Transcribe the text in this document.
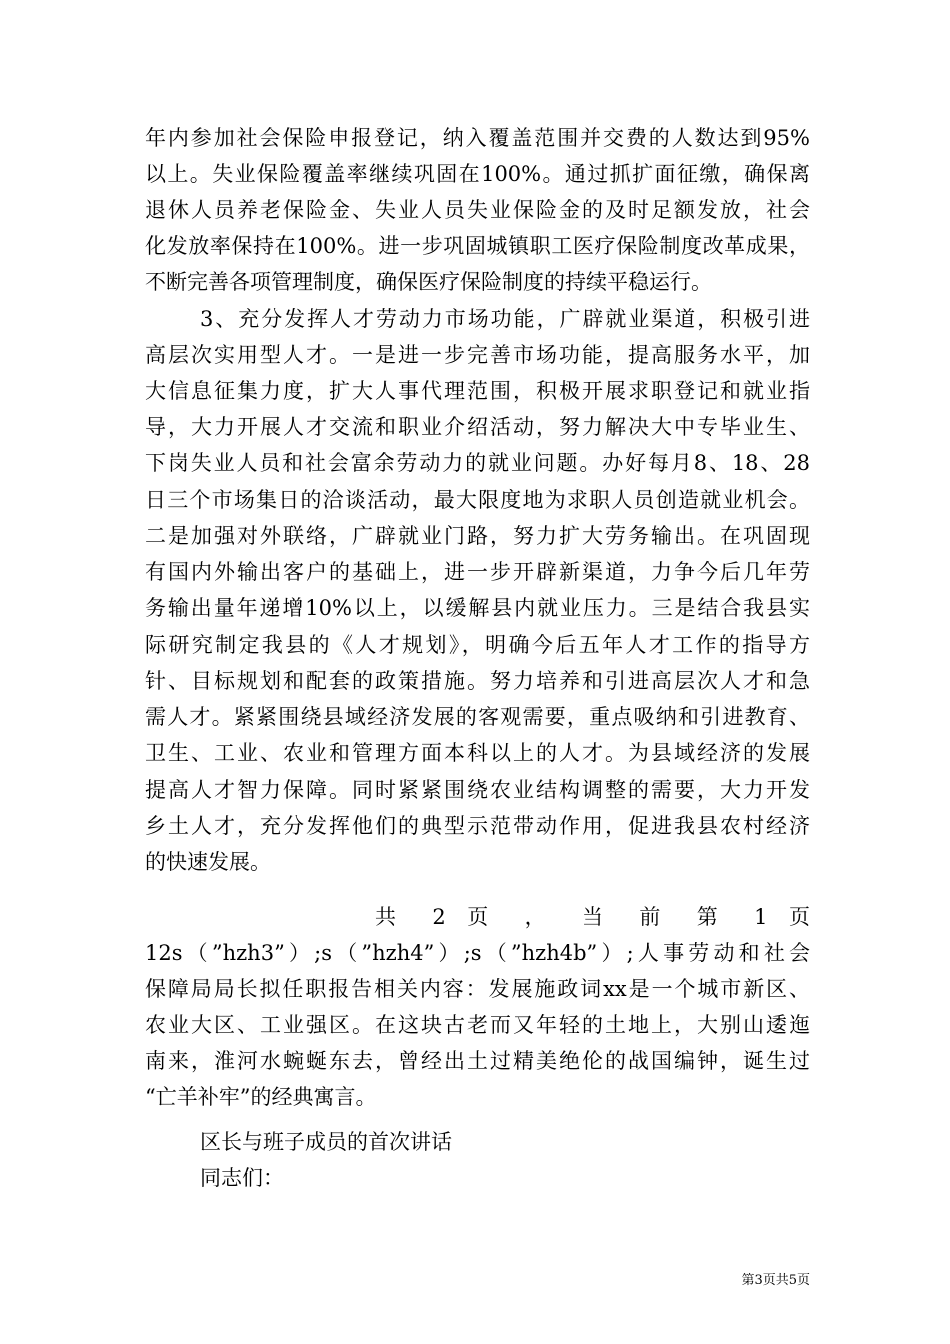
年内参加社会保险申报登记，纳入覆盖范围并交费的人数达到95%
以上。失业保险覆盖率继续巩固在100%。通过抓扩面征缴，确保离
退休人员养老保险金、失业人员失业保险金的及时足额发放，社会
化发放率保持在100%。进一步巩固城镇职工医疗保险制度改革成果，
不断完善各项管理制度，确保医疗保险制度的持续平稳运行。
3、充分发挥人才劳动力市场功能，广辟就业渠道，积极引进
高层次实用型人才。一是进一步完善市场功能，提高服务水平，加
大信息征集力度，扩大人事代理范围，积极开展求职登记和就业指
导，大力开展人才交流和职业介绍活动，努力解决大中专毕业生、
下岗失业人员和社会富余劳动力的就业问题。办好每月8、18、28
日三个市场集日的洽谈活动，最大限度地为求职人员创造就业机会。
二是加强对外联络，广辟就业门路，努力扩大劳务输出。在巩固现
有国内外输出客户的基础上，进一步开辟新渠道，力争今后几年劳
务输出量年递增10%以上，以缓解县内就业压力。三是结合我县实
际研究制定我县的《人才规划》，明确今后五年人才工作的指导方
针、目标规划和配套的政策措施。努力培养和引进高层次人才和急
需人才。紧紧围绕县域经济发展的客观需要，重点吸纳和引进教育、
卫生、工业、农业和管理方面本科以上的人才。为县域经济的发展
提高人才智力保障。同时紧紧围绕农业结构调整的需要，大力开发
乡土人才，充分发挥他们的典型示范带动作用，促进我县农村经济
的快速发展。
共 2 页 ， 当 前 第 1 页
12s（”hzh3”）;s（”hzh4”）;s（”hzh4b”）;人事劳动和社会
保障局局长拟任职报告相关内容：发展施政词xx是一个城市新区、
农业大区、工业强区。在这块古老而又年轻的土地上，大别山逶迤
南来，淮河水蜿蜒东去，曾经出土过精美绝伦的战国编钟，诞生过
“亡羊补牢”的经典寓言。
区长与班子成员的首次讲话
同志们：
第3页共5页
